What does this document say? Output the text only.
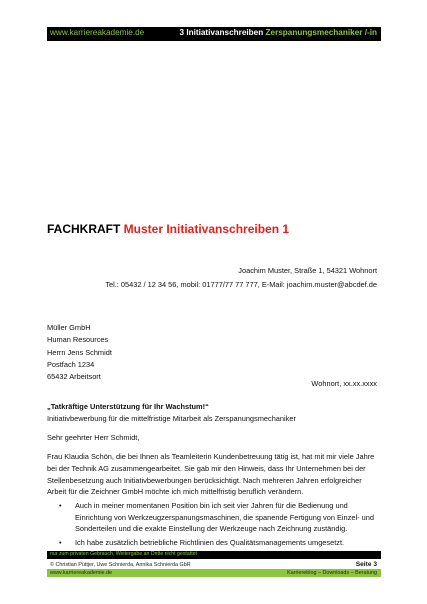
www.karriereakademie.de	3 Initiativanschreiben Zerspanungsmechaniker /-in
FACHKRAFT Muster Initiativanschreiben 1
Joachim Muster, Straße 1, 54321 Wohnort
Tel.: 05432 / 12 34 56, mobil: 01777/77 77 777, E-Mail: joachim.muster@abcdef.de
Müller GmbH
Human Resources
Herrn Jens Schmidt
Postfach 1234
65432 Arbeitsort
Wohnort, xx.xx.xxxx
„Tatkräftige Unterstützung für Ihr Wachstum!“
Initiativbewerbung für die mittelfristige Mitarbeit als Zerspanungsmechaniker
Sehr geehrter Herr Schmidt,
Frau Klaudia Schön, die bei Ihnen als Teamleiterin Kundenbetreuung tätig ist, hat mit mir viele Jahre
bei der Technik AG zusammengearbeitet. Sie gab mir den Hinweis, dass Ihr Unternehmen bei der
Stellenbesetzung auch Initiativbewerbungen berücksichtigt. Nach mehreren Jahren erfolgreicher
Arbeit für die Zeichner GmbH möchte ich mich mittelfristig beruflich verändern.
• Auch in meiner momentanen Position bin ich seit vier Jahren für die Bedienung und
Einrichtung von Werkzeugzerspanungsmaschinen, die spanende Fertigung von Einzel- und
Sonderteilen und die exakte Einstellung der Werkzeuge nach Zeichnung zuständig.
• Ich habe zusätzlich betriebliche Richtlinien des Qualitätsmanagements umgesetzt.
nur zum privaten Gebrauch, Weitergabe an Dritte nicht gestattet
© Christian Püttjer, Uwe Schnierda, Annika Schnierda GbR	Seite 3
www.karriereakademie.de	Karriereblog – Downloads – Beratung
